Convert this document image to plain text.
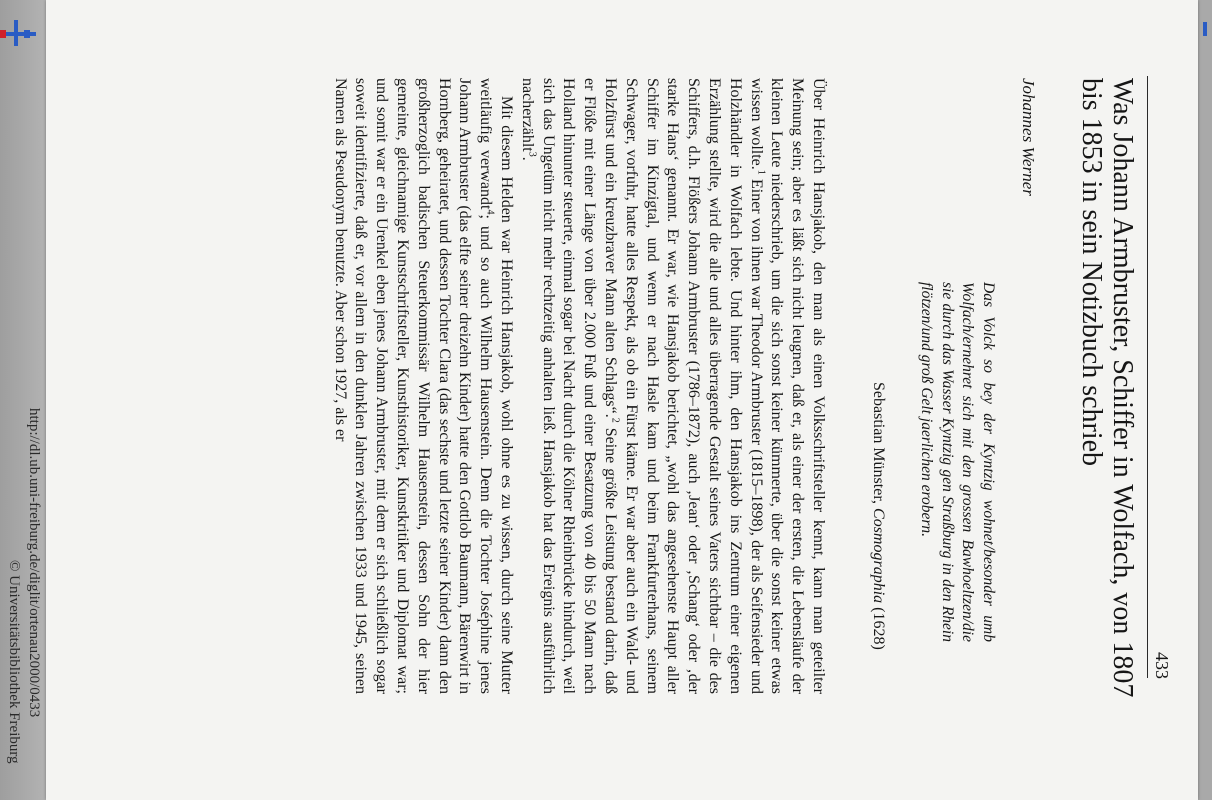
http://dl.ub.uni-freiburg.de/diglit/ortenau2000/0433
© Universitätsbibliothek Freiburg	433
Was Johann Armbruster, Schiffer in Wolfach, von 1807 bis 1853 in sein Notizbuch schrieb
Johannes Werner
Das Volck so bey der Kyntzig wohnet/besonder umb Wolfach/ernehret sich mit den grossen Bawhoeltzen/die sie durch das Wasser Kyntzig gen Straßburg in den Rhein flötzen/und groß Gelt jaerlichen erobern.
Sebastian Münster, Cosmographia (1628)

Über Heinrich Hansjakob, den man als einen Volksschriftsteller kennt, kann man geteilter Meinung sein; aber es läßt sich nicht leugnen, daß er, als einer der ersten, die Lebensläufe der kleinen Leute niederschrieb, um die sich sonst keiner kümmerte, über die sonst keiner etwas wissen wollte.$^1$ Einer von ihnen war Theodor Armbruster (1815–1898), der als Seifensieder und Holzhändler in Wolfach lebte. Und hinter ihm, den Hansjakob ins Zentrum einer eigenen Erzählung stellte, wird die alle und alles überragende Gestalt seines Vaters sichtbar – die des Schiffers, d.h. Flößers Johann Armbruster (1786–1872), auch ‚Jean‘ oder ‚Schang‘ oder ‚der starke Hans‘ genannt. Er war, wie Hansjakob berichtet, „wohl das angesehenste Haupt aller Schiffer im Kinzigtal, und wenn er nach Hasle kam und beim Frankfurterhans, seinem Schwager, vorfuhr, hatte alles Respekt, als ob ein Fürst käme. Er war aber auch ein Wald- und Holzfürst und ein kreuzbraver Mann alten Schlags“.$^2$ Seine größte Leistung bestand darin, daß er Flöße mit einer Länge von über 2.000 Fuß und einer Besatzung von 40 bis 50 Mann nach Holland hinunter steuerte, einmal sogar bei Nacht durch die Kölner Rheinbrücke hindurch, weil sich das Ungetüm nicht mehr rechtzeitig anhalten ließ. Hansjakob hat das Ereignis ausführlich nacherzählt$^3$.

Mit diesem Helden war Heinrich Hansjakob, wohl ohne es zu wissen, durch seine Mutter weitläufig verwandt$^4$; und so auch Wilhelm Hausenstein. Denn die Tochter Joséphine jenes Johann Armbruster (das elfte seiner dreizehn Kinder) hatte den Gottlob Baumann, Bärenwirt in Hornberg, geheiratet, und dessen Tochter Clara (das sechste und letzte seiner Kinder) dann den großherzoglich badischen Steuerkommissär Wilhelm Hausenstein, dessen Sohn der hier gemeinte, gleichnamige Kunstschriftsteller, Kunsthistoriker, Kunstkritiker und Diplomat war; und somit war er ein Urenkel eben jenes Johann Armbruster, mit dem er sich schließlich sogar soweit identifizierte, daß er, vor allem in den dunklen Jahren zwischen 1933 und 1945, seinen Namen als Pseudonym benutzte. Aber schon 1927, als er
